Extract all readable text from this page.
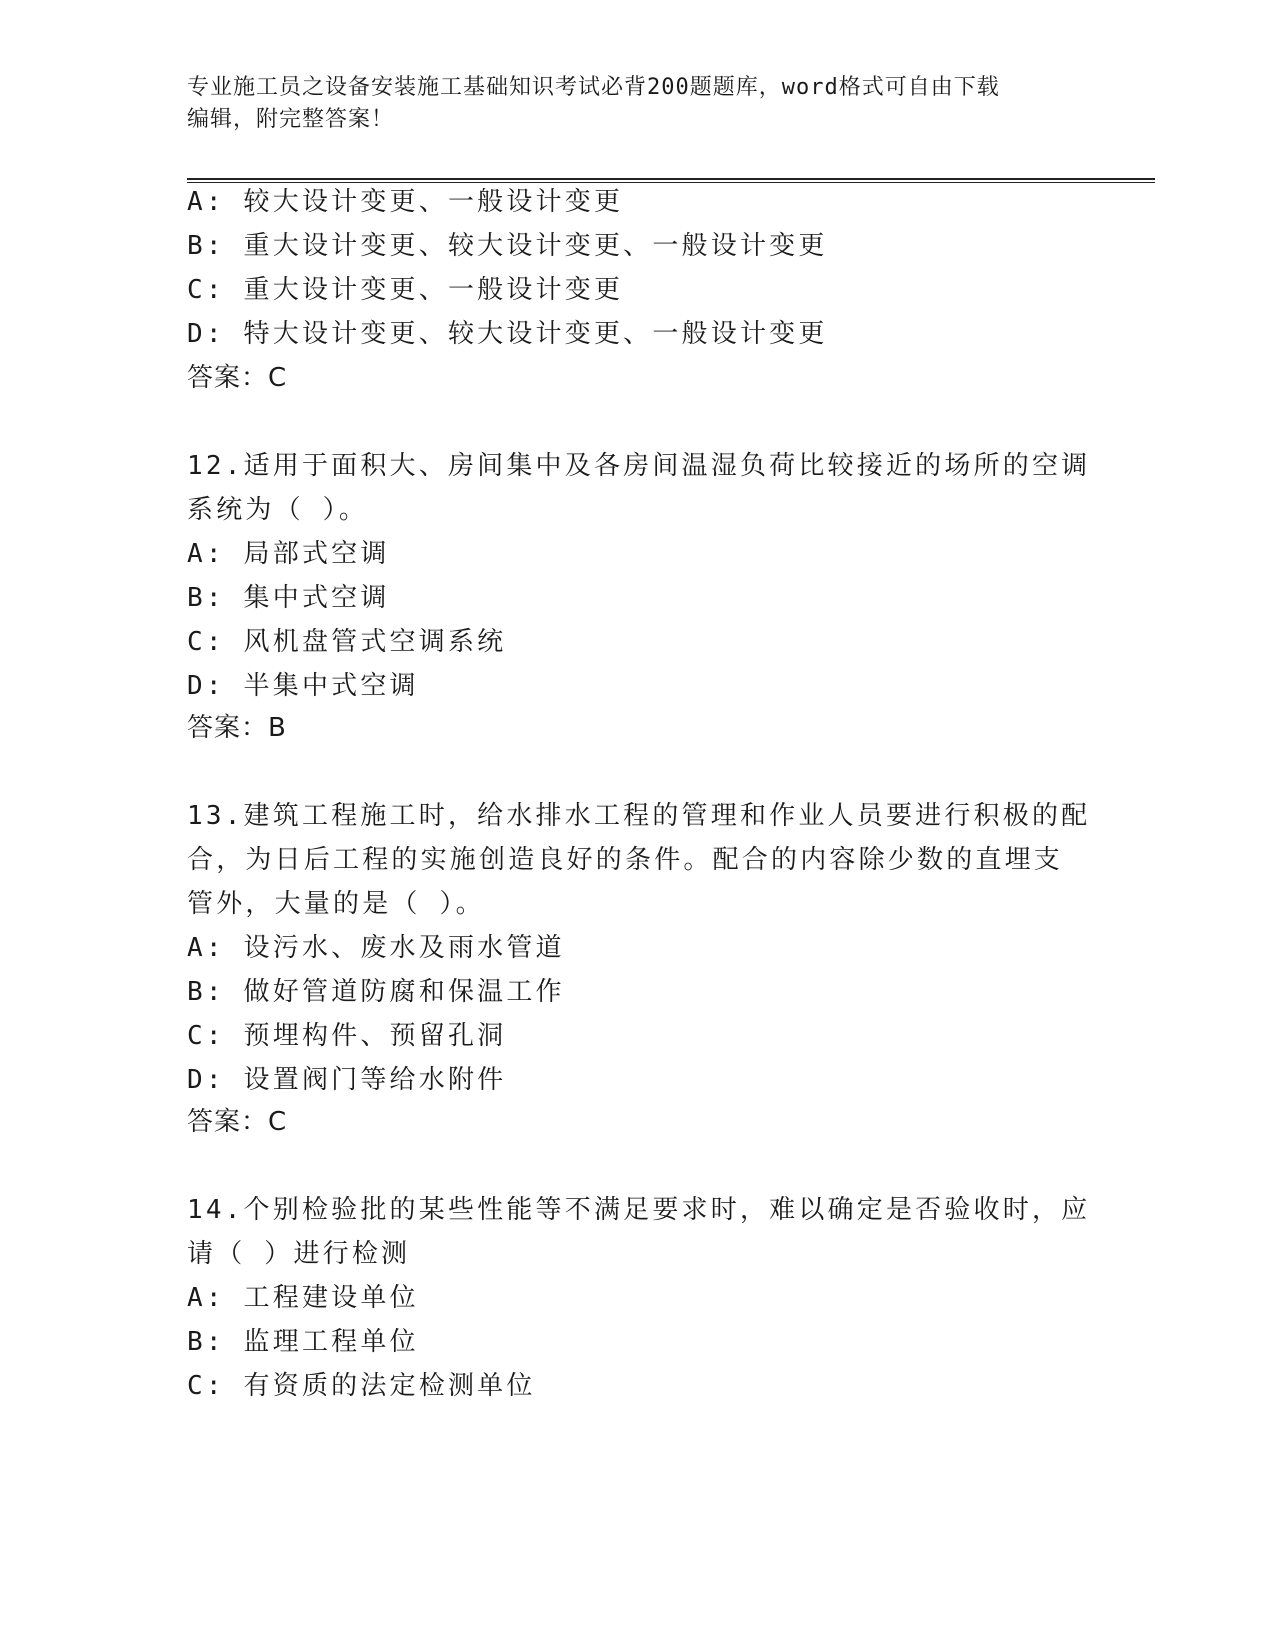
专业施工员之设备安装施工基础知识考试必背200题题库，word格式可自由下载
编辑，附完整答案！
A: 较大设计变更、一般设计变更
B: 重大设计变更、较大设计变更、一般设计变更
C: 重大设计变更、一般设计变更
D: 特大设计变更、较大设计变更、一般设计变更
答案：C
12.适用于面积大、房间集中及各房间温湿负荷比较接近的场所的空调
系统为（ ）。
A: 局部式空调
B: 集中式空调
C: 风机盘管式空调系统
D: 半集中式空调
答案：B
13.建筑工程施工时，给水排水工程的管理和作业人员要进行积极的配
合，为日后工程的实施创造良好的条件。配合的内容除少数的直埋支
管外，大量的是（ ）。
A: 设污水、废水及雨水管道
B: 做好管道防腐和保温工作
C: 预埋构件、预留孔洞
D: 设置阀门等给水附件
答案：C
14.个别检验批的某些性能等不满足要求时，难以确定是否验收时，应
请（ ）进行检测
A: 工程建设单位
B: 监理工程单位
C: 有资质的法定检测单位
